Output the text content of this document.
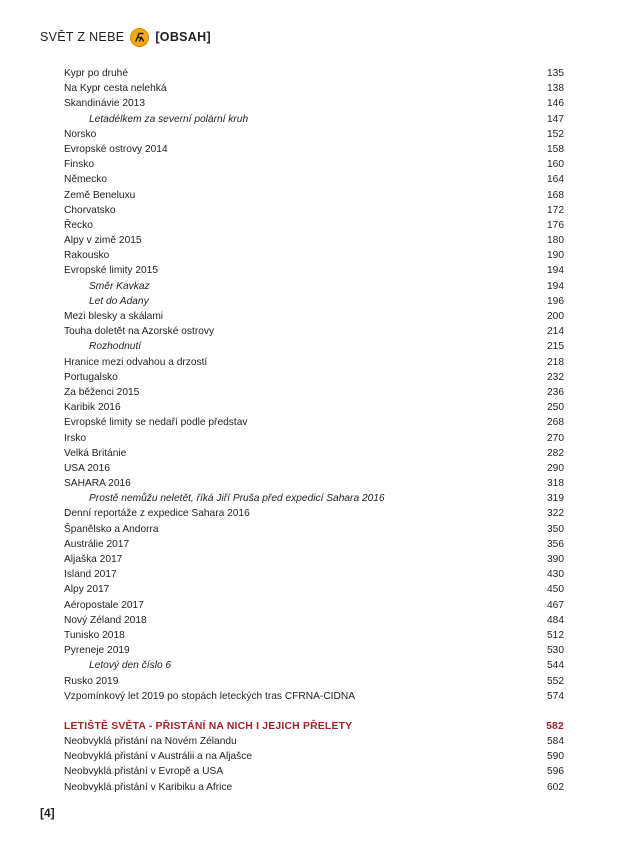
SVĚT Z NEBE [OBSAH]
Kypr po druhé	135
Na Kypr cesta nelehká	138
Skandinávie 2013	146
Letadélkem za severní polární kruh	147
Norsko	152
Evropské ostrovy 2014	158
Finsko	160
Německo	164
Země Beneluxu	168
Chorvatsko	172
Řecko	176
Alpy v zimě 2015	180
Rakousko	190
Evropské limity 2015	194
Směr Kavkaz	194
Let do Adany	196
Mezi blesky a skálami	200
Touha doletět na Azorské ostrovy	214
Rozhodnutí	215
Hranice mezi odvahou a drzostí	218
Portugalsko	232
Za běženci 2015	236
Karibik 2016	250
Evropské limity se nedaří podle představ	268
Irsko	270
Velká Británie	282
USA 2016	290
SAHARA 2016	318
Prostě nemůžu neletět, říká Jiří Pruša před expedicí Sahara 2016	319
Denní reportáže z expedice Sahara 2016	322
Španělsko a Andorra	350
Austrálie 2017	356
Aljaška 2017	390
Island 2017	430
Alpy 2017	450
Aéropostale 2017	467
Nový Zéland 2018	484
Tunisko 2018	512
Pyreneje 2019	530
Letový den číslo 6	544
Rusko 2019	552
Vzpomínkový let 2019 po stopách leteckých tras CFRNA-CIDNA	574
LETIŠTĚ SVĚTA - PŘISTÁNÍ NA NICH I JEJICH PŘELETY	582
Neobvyklá přistání na Novém Zélandu	584
Neobvyklá přistání v Austrálii a na Aljašce	590
Neobvyklá přistání v Evropě a USA	596
Neobvyklá přistání v Karibiku a Africe	602
[4]
